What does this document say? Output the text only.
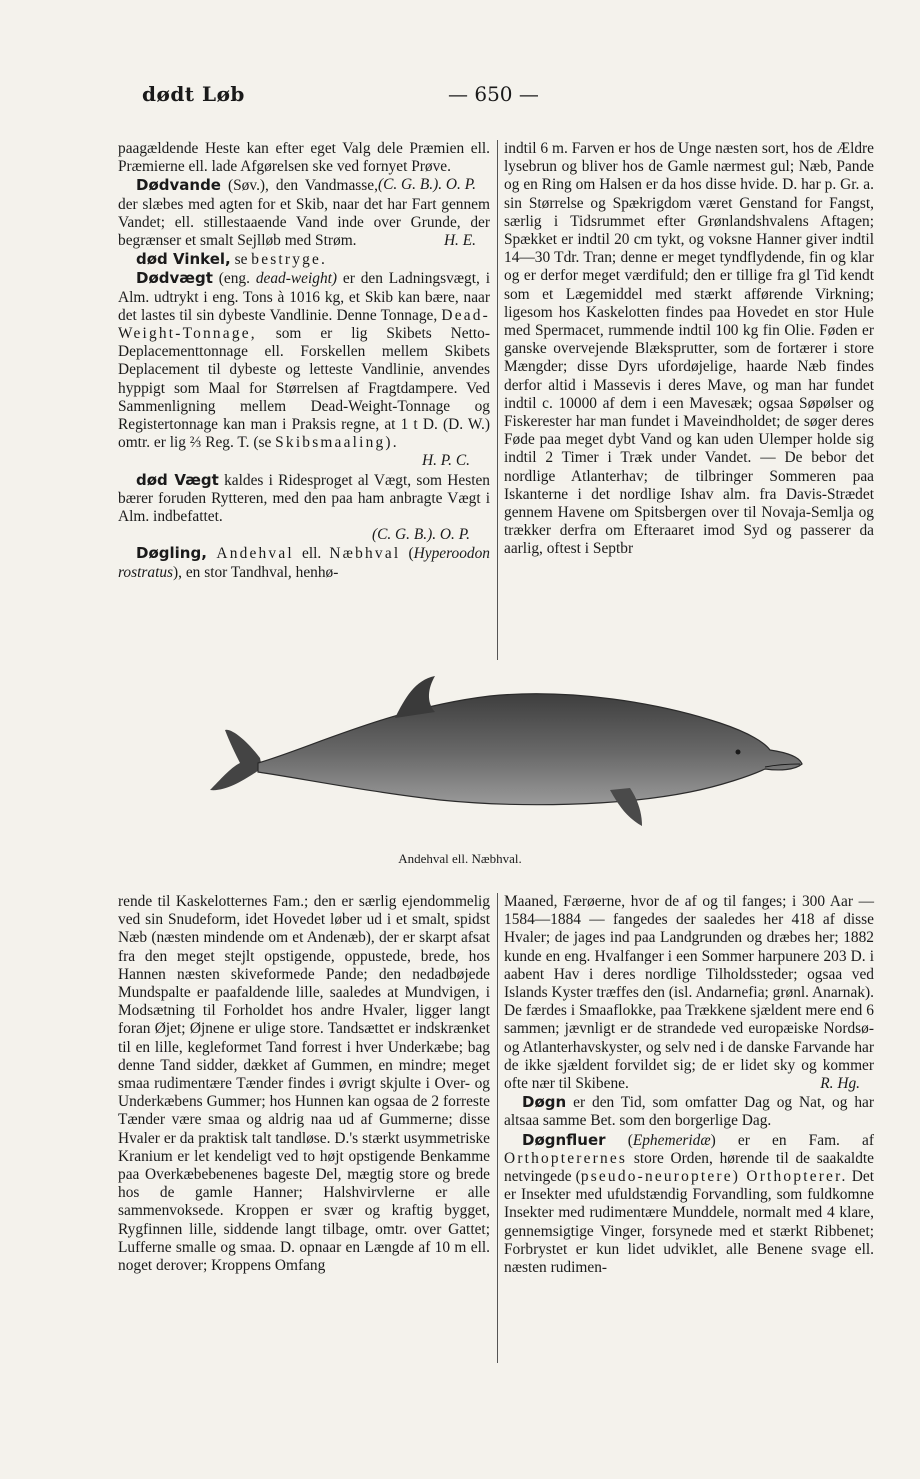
dødt Løb	— 650 —

paagældende Heste kan efter eget Valg dele Præmien ell. Præmierne ell. lade Afgørelsen ske ved fornyet Prøve.
(C. G. B.). O. P.

Dødvande (Søv.), den Vandmasse, der slæbes med agten for et Skib, naar det har Fart gennem Vandet; ell. stillestaaende Vand inde over Grunde, der begrænser et smalt Sejlløb med Strøm.	H. E.

død Vinkel, se bestryge.

Dødvægt (eng. dead-weight) er den Ladningsvægt, i Alm. udtrykt i eng. Tons à 1016 kg, et Skib kan bære, naar det lastes til sin dybeste Vandlinie. Denne Tonnage, Dead-Weight-Tonnage, som er lig Skibets Netto-Deplacementtonnage ell. Forskellen mellem Skibets Deplacement til dybeste og letteste Vandlinie, anvendes hyppigt som Maal for Størrelsen af Fragtdampere. Ved Sammenligning mellem Dead-Weight-Tonnage og Registertonnage kan man i Praksis regne, at 1 t D. (D. W.) omtr. er lig ⅔ Reg. T. (se Skibsmaaling).
H. P. C.

død Vægt kaldes i Ridesproget al Vægt, som Hesten bærer foruden Rytteren, med den paa ham anbragte Vægt i Alm. indbefattet.
(C. G. B.). O. P.

Døgling, Andehval ell. Næbhval (Hyperoodon rostratus), en stor Tandhval, henhø-

indtil 6 m. Farven er hos de Unge næsten sort, hos de Ældre lysebrun og bliver hos de Gamle nærmest gul; Næb, Pande og en Ring om Halsen er da hos disse hvide. D. har p. Gr. a. sin Størrelse og Spækrigdom været Genstand for Fangst, særlig i Tidsrummet efter Grønlandshvalens Aftagen; Spækket er indtil 20 cm tykt, og voksne Hanner giver indtil 14—30 Tdr. Tran; denne er meget tyndflydende, fin og klar og er derfor meget værdifuld; den er tillige fra gl Tid kendt som et Lægemiddel med stærkt afførende Virkning; ligesom hos Kaskelotten findes paa Hovedet en stor Hule med Spermacet, rummende indtil 100 kg fin Olie. Føden er ganske overvejende Blæksprutter, som de fortærer i store Mængder; disse Dyrs ufordøjelige, haarde Næb findes derfor altid i Massevis i deres Mave, og man har fundet indtil c. 10000 af dem i een Mavesæk; ogsaa Søpølser og Fiskerester har man fundet i Maveindholdet; de søger deres Føde paa meget dybt Vand og kan uden Ulemper holde sig indtil 2 Timer i Træk under Vandet. — De bebor det nordlige Atlanterhav; de tilbringer Sommeren paa Iskanterne i det nordlige Ishav alm. fra Davis-Strædet gennem Havene om Spitsbergen over til Novaja-Semlja og trækker derfra om Efteraaret imod Syd og passerer da aarlig, oftest i Septbr

Andehval ell. Næbhval.

rende til Kaskelotternes Fam.; den er særlig ejendommelig ved sin Snudeform, idet Hovedet løber ud i et smalt, spidst Næb (næsten mindende om et Andenæb), der er skarpt afsat fra den meget stejlt opstigende, oppustede, brede, hos Hannen næsten skiveformede Pande; den nedadbøjede Mundspalte er paafaldende lille, saaledes at Mundvigen, i Modsætning til Forholdet hos andre Hvaler, ligger langt foran Øjet; Øjnene er ulige store. Tandsættet er indskrænket til en lille, kegleformet Tand forrest i hver Underkæbe; bag denne Tand sidder, dækket af Gummen, en mindre; meget smaa rudimentære Tænder findes i øvrigt skjulte i Over- og Underkæbens Gummer; hos Hunnen kan ogsaa de 2 forreste Tænder være smaa og aldrig naa ud af Gummerne; disse Hvaler er da praktisk talt tandløse. D.'s stærkt usymmetriske Kranium er let kendeligt ved to højt opstigende Benkamme paa Overkæbebenenes bageste Del, mægtig store og brede hos de gamle Hanner; Halshvirvlerne er alle sammenvoksede. Kroppen er svær og kraftig bygget, Rygfinnen lille, siddende langt tilbage, omtr. over Gattet; Lufferne smalle og smaa. D. opnaar en Længde af 10 m ell. noget derover; Kroppens Omfang

Maaned, Færøerne, hvor de af og til fanges; i 300 Aar — 1584—1884 — fangedes der saaledes her 418 af disse Hvaler; de jages ind paa Landgrunden og dræbes her; 1882 kunde en eng. Hvalfanger i een Sommer harpunere 203 D. i aabent Hav i deres nordlige Tilholdssteder; ogsaa ved Islands Kyster træffes den (isl. Andarnefia; grønl. Anarnak). De færdes i Smaaflokke, paa Trækkene sjældent mere end 6 sammen; jævnligt er de strandede ved europæiske Nordsø- og Atlanterhavskyster, og selv ned i de danske Farvande har de ikke sjældent forvildet sig; de er lidet sky og kommer ofte nær til Skibene.	R. Hg.

Døgn er den Tid, som omfatter Dag og Nat, og har altsaa samme Bet. som den borgerlige Dag.

Døgnfluer (Ephemeridæ) er en Fam. af Orthopterernes store Orden, hørende til de saakaldte netvingede (pseudo-neuroptere) Orthopterer. Det er Insekter med ufuldstændig Forvandling, som fuldkomne Insekter med rudimentære Munddele, normalt med 4 klare, gennemsigtige Vinger, forsynede med et stærkt Ribbenet; Forbrystet er kun lidet udviklet, alle Benene svage ell. næsten rudimen-
